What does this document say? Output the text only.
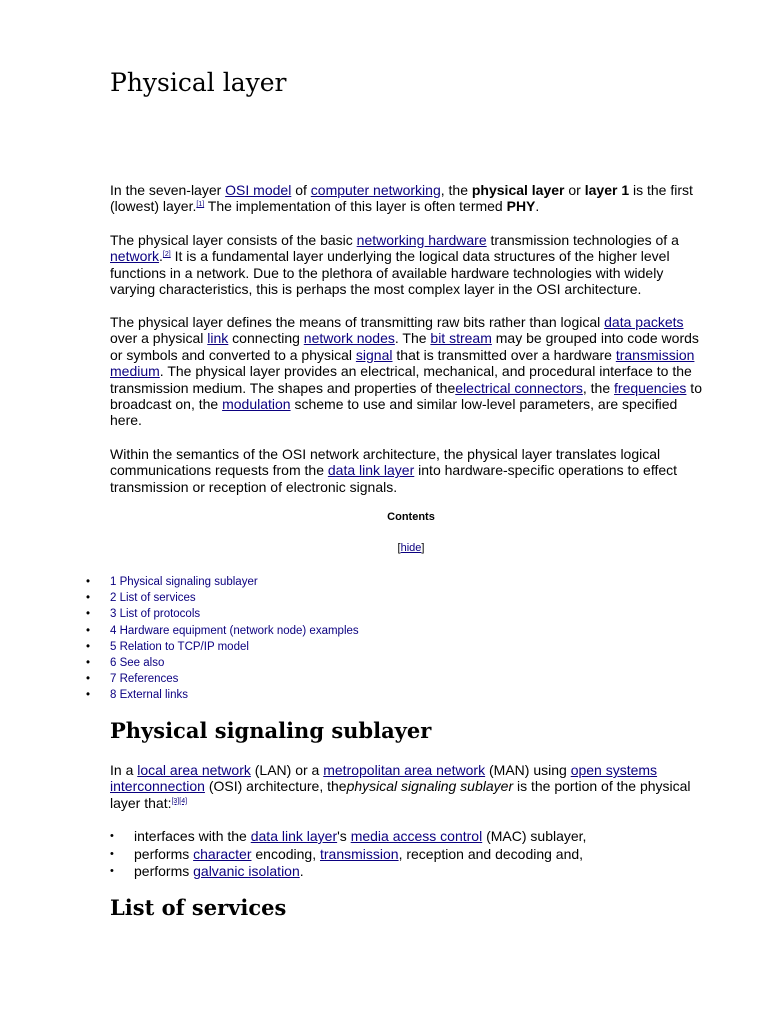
Physical layer

In the seven-layer OSI model of computer networking, the physical layer or layer 1 is the first (lowest) layer.[1] The implementation of this layer is often termed PHY.

The physical layer consists of the basic networking hardware transmission technologies of a network.[2] It is a fundamental layer underlying the logical data structures of the higher level functions in a network. Due to the plethora of available hardware technologies with widely varying characteristics, this is perhaps the most complex layer in the OSI architecture.

The physical layer defines the means of transmitting raw bits rather than logical data packets over a physical link connecting network nodes. The bit stream may be grouped into code words or symbols and converted to a physical signal that is transmitted over a hardware transmission medium. The physical layer provides an electrical, mechanical, and procedural interface to the transmission medium. The shapes and properties of theelectrical connectors, the frequencies to broadcast on, the modulation scheme to use and similar low-level parameters, are specified here.

Within the semantics of the OSI network architecture, the physical layer translates logical communications requests from the data link layer into hardware-specific operations to effect transmission or reception of electronic signals.

Contents
[hide]
• 1 Physical signaling sublayer
• 2 List of services
• 3 List of protocols
• 4 Hardware equipment (network node) examples
• 5 Relation to TCP/IP model
• 6 See also
• 7 References
• 8 External links
Physical signaling sublayer

In a local area network (LAN) or a metropolitan area network (MAN) using open systems interconnection (OSI) architecture, thephysical signaling sublayer is the portion of the physical layer that:[3][4]

• interfaces with the data link layer's media access control (MAC) sublayer,
• performs character encoding, transmission, reception and decoding and,
• performs galvanic isolation.
List of services
